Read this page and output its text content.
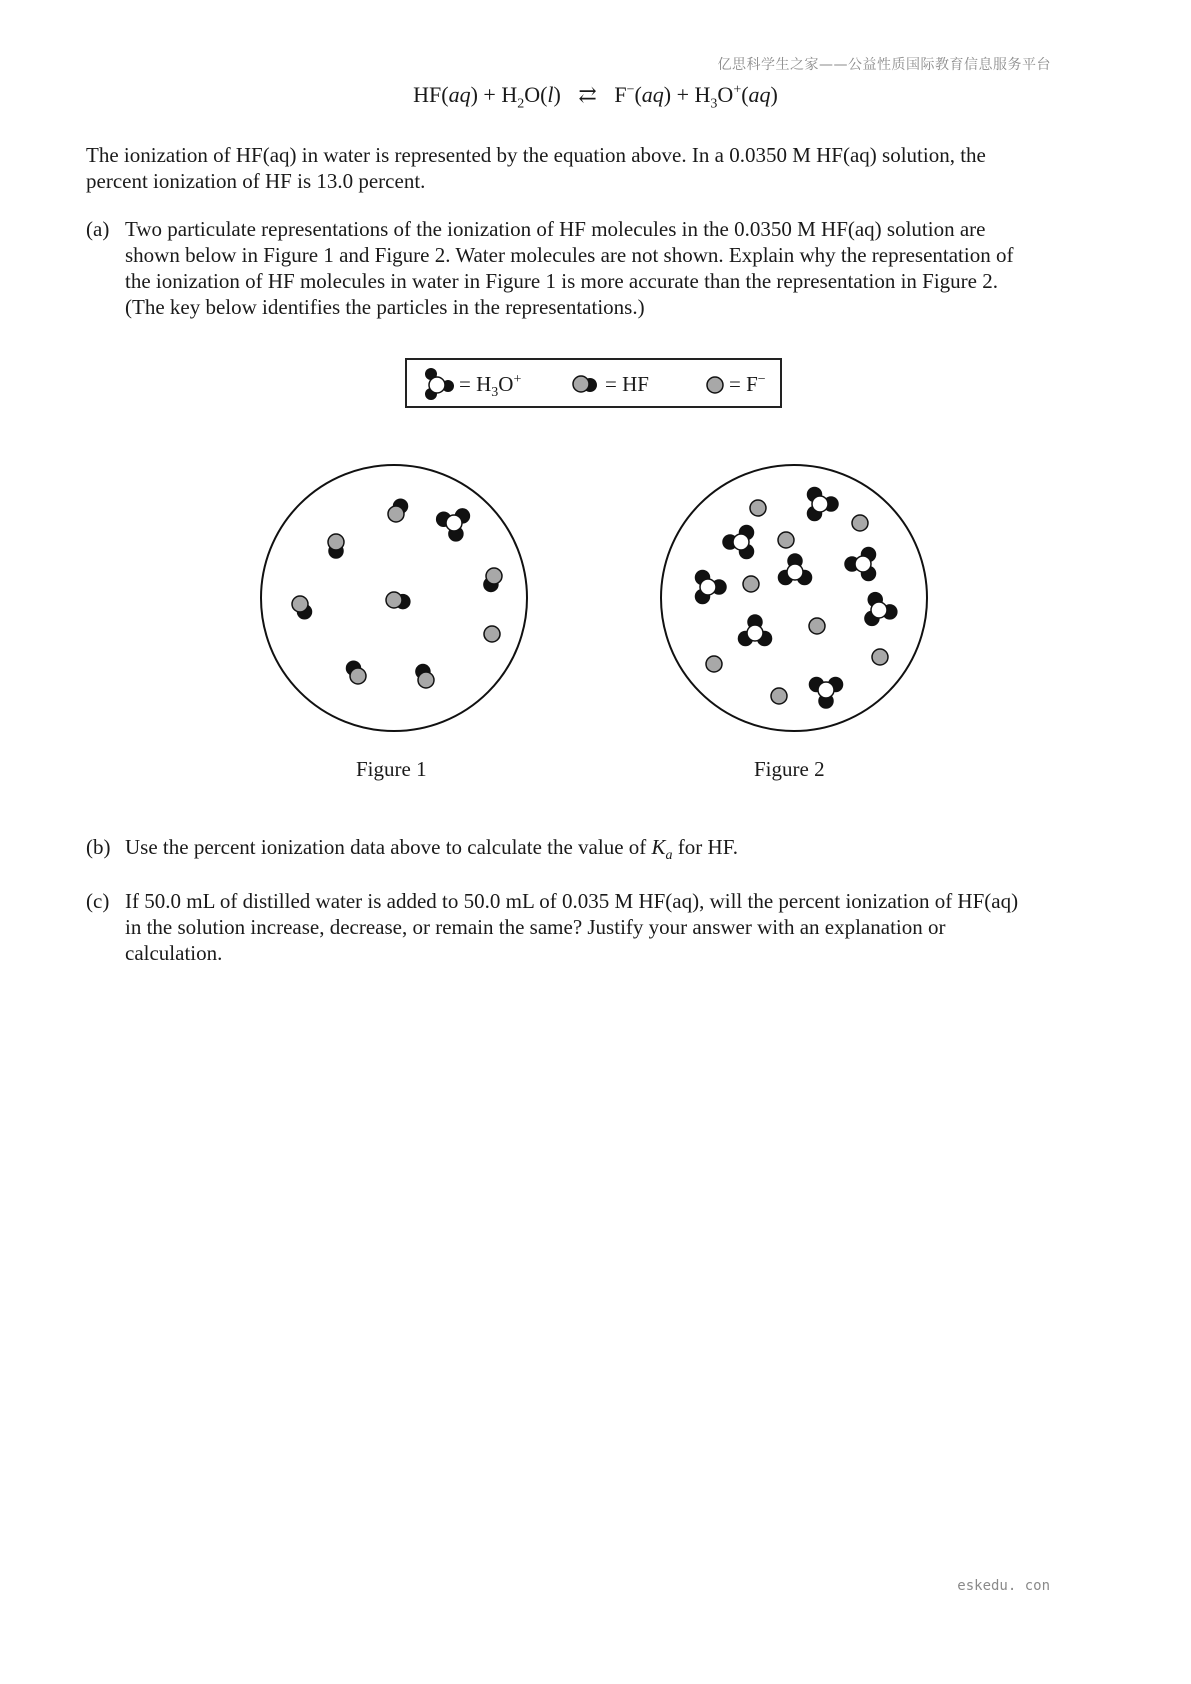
亿思科学生之家——公益性质国际教育信息服务平台
$HF(aq) + H_2O(l)$ ⇄ $F^-(aq) + H_3O^+(aq)$
The ionization of HF(aq) in water is represented by the equation above. In a 0.0350 M HF(aq) solution, the
percent ionization of HF is 13.0 percent.
(a) Two particulate representations of the ionization of HF molecules in the 0.0350 M HF(aq) solution are
shown below in Figure 1 and Figure 2. Water molecules are not shown. Explain why the representation of
the ionization of HF molecules in water in Figure 1 is more accurate than the representation in Figure 2.
(The key below identifies the particles in the representations.)
= $H_3O^+$	= HF	= F−
Figure 1	Figure 2
(b) Use the percent ionization data above to calculate the value of $K_a$ for HF.
(c) If 50.0 mL of distilled water is added to 50.0 mL of 0.035 M HF(aq), will the percent ionization of HF(aq)
in the solution increase, decrease, or remain the same? Justify your answer with an explanation or
calculation.
eskedu. con
